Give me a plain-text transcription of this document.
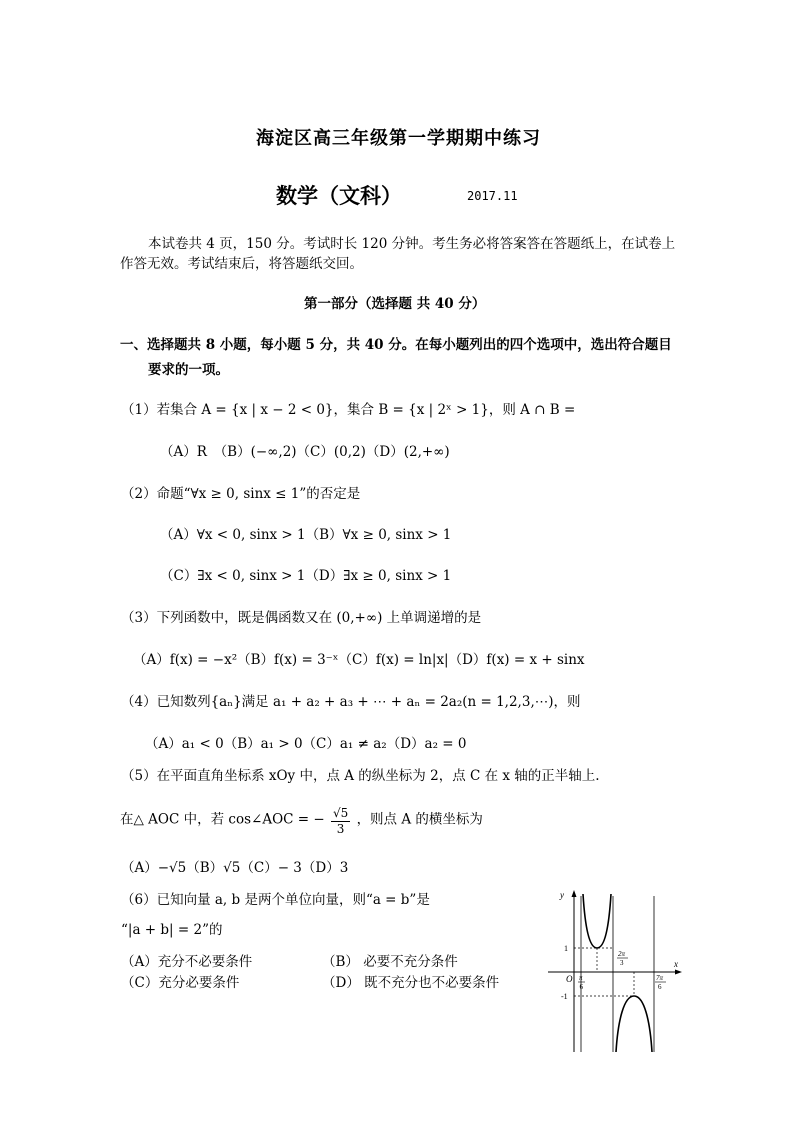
海淀区高三年级第一学期期中练习
数学（文科）	2017.11
本试卷共 4 页，150 分。考试时长 120 分钟。考生务必将答案答在答题纸上，在试卷上
作答无效。考试结束后，将答题纸交回。
第一部分（选择题 共 40 分）
一、选择题共 8 小题，每小题 5 分，共 40 分。在每小题列出的四个选项中，选出符合题目
要求的一项。
（1）若集合 A = {x | x − 2 < 0}，集合 B = {x | 2ˣ > 1}，则 A ∩ B =
（A）R　（B）(−∞,2)（C）(0,2)（D）(2,+∞)
（2）命题“∀x ≥ 0, sinx ≤ 1”的否定是
（A）∀x < 0, sinx > 1（B）∀x ≥ 0, sinx > 1
（C）∃x < 0, sinx > 1（D）∃x ≥ 0, sinx > 1
（3）下列函数中，既是偶函数又在 (0,+∞) 上单调递增的是
（A）f(x) = −x²（B）f(x) = 3⁻ˣ（C）f(x) = ln|x|（D）f(x) = x + sinx
（4）已知数列{aₙ}满足 a₁ + a₂ + a₃ + ⋯ + aₙ = 2a₂(n = 1,2,3,⋯)，则
（A）a₁ < 0（B）a₁ > 0（C）a₁ ≠ a₂（D）a₂ = 0
（5）在平面直角坐标系 xOy 中，点 A 的纵坐标为 2，点 C 在 x 轴的正半轴上.
在△ AOC 中，若 cos∠AOC = − $\frac{√5}{3}$ ，则点 A 的横坐标为
（A）−√5（B）√5（C）− 3（D）3
（6）已知向量 a, b 是两个单位向量，则“a = b”是
“|a + b| = 2”的
（A）充分不必要条件	（B） 必要不充分条件
（C）充分必要条件	（D） 既不充分也不必要条件
y
x
O
1
-1
π
6
2π
3
7π
6
